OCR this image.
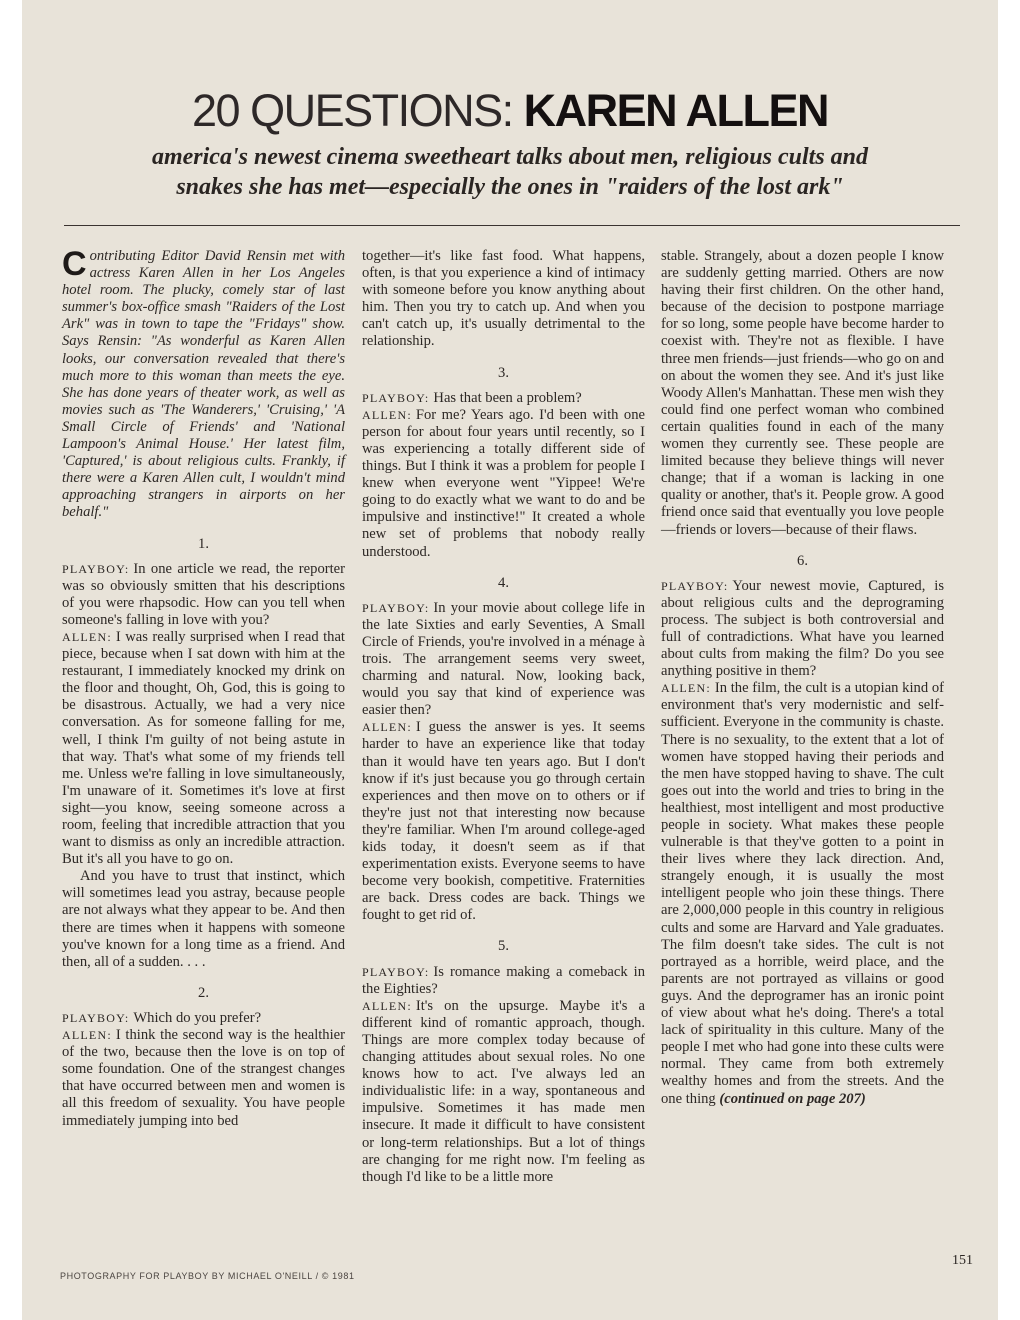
20 QUESTIONS: KAREN ALLEN
america's newest cinema sweetheart talks about men, religious cults and
snakes she has met—especially the ones in "raiders of the lost ark"

Contributing Editor David Rensin met with actress Karen Allen in her Los Angeles hotel room. The plucky, comely star of last summer's box-office smash "Raiders of the Lost Ark" was in town to tape the "Fridays" show. Says Rensin: "As wonderful as Karen Allen looks, our conversation revealed that there's much more to this woman than meets the eye. She has done years of theater work, as well as movies such as 'The Wanderers,' 'Cruising,' 'A Small Circle of Friends' and 'National Lampoon's Animal House.' Her latest film, 'Captured,' is about religious cults. Frankly, if there were a Karen Allen cult, I wouldn't mind approaching strangers in airports on her behalf."

1.

PLAYBOY: In one article we read, the reporter was so obviously smitten that his descriptions of you were rhapsodic. How can you tell when someone's falling in love with you?

ALLEN: I was really surprised when I read that piece, because when I sat down with him at the restaurant, I immediately knocked my drink on the floor and thought, Oh, God, this is going to be disastrous. Actually, we had a very nice conversation. As for someone falling for me, well, I think I'm guilty of not being astute in that way. That's what some of my friends tell me. Unless we're falling in love simultaneously, I'm unaware of it. Sometimes it's love at first sight—you know, seeing someone across a room, feeling that incredible attraction that you want to dismiss as only an incredible attraction. But it's all you have to go on.

And you have to trust that instinct, which will sometimes lead you astray, because people are not always what they appear to be. And then there are times when it happens with someone you've known for a long time as a friend. And then, all of a sudden. . . .

2.

PLAYBOY: Which do you prefer?

ALLEN: I think the second way is the healthier of the two, because then the love is on top of some foundation. One of the strangest changes that have occurred between men and women is all this freedom of sexuality. You have people immediately jumping into bed

together—it's like fast food. What happens, often, is that you experience a kind of intimacy with someone before you know anything about him. Then you try to catch up. And when you can't catch up, it's usually detrimental to the relationship.

3.

PLAYBOY: Has that been a problem?

ALLEN: For me? Years ago. I'd been with one person for about four years until recently, so I was experiencing a totally different side of things. But I think it was a problem for people I knew when everyone went "Yippee! We're going to do exactly what we want to do and be impulsive and instinctive!" It created a whole new set of problems that nobody really understood.

4.

PLAYBOY: In your movie about college life in the late Sixties and early Seventies, A Small Circle of Friends, you're involved in a ménage à trois. The arrangement seems very sweet, charming and natural. Now, looking back, would you say that kind of experience was easier then?

ALLEN: I guess the answer is yes. It seems harder to have an experience like that today than it would have ten years ago. But I don't know if it's just because you go through certain experiences and then move on to others or if they're just not that interesting now because they're familiar. When I'm around college-aged kids today, it doesn't seem as if that experimentation exists. Everyone seems to have become very bookish, competitive. Fraternities are back. Dress codes are back. Things we fought to get rid of.

5.

PLAYBOY: Is romance making a comeback in the Eighties?

ALLEN: It's on the upsurge. Maybe it's a different kind of romantic approach, though. Things are more complex today because of changing attitudes about sexual roles. No one knows how to act. I've always led an individualistic life: in a way, spontaneous and impulsive. Sometimes it has made men insecure. It made it difficult to have consistent or long-term relationships. But a lot of things are changing for me right now. I'm feeling as though I'd like to be a little more

stable. Strangely, about a dozen people I know are suddenly getting married. Others are now having their first children. On the other hand, because of the decision to postpone marriage for so long, some people have become harder to coexist with. They're not as flexible. I have three men friends—just friends—who go on and on about the women they see. And it's just like Woody Allen's Manhattan. These men wish they could find one perfect woman who combined certain qualities found in each of the many women they currently see. These people are limited because they believe things will never change; that if a woman is lacking in one quality or another, that's it. People grow. A good friend once said that eventually you love people—friends or lovers—because of their flaws.

6.

PLAYBOY: Your newest movie, Captured, is about religious cults and the deprograming process. The subject is both controversial and full of contradictions. What have you learned about cults from making the film? Do you see anything positive in them?

ALLEN: In the film, the cult is a utopian kind of environment that's very modernistic and self-sufficient. Everyone in the community is chaste. There is no sexuality, to the extent that a lot of women have stopped having their periods and the men have stopped having to shave. The cult goes out into the world and tries to bring in the healthiest, most intelligent and most productive people in society. What makes these people vulnerable is that they've gotten to a point in their lives where they lack direction. And, strangely enough, it is usually the most intelligent people who join these things. There are 2,000,000 people in this country in religious cults and some are Harvard and Yale graduates. The film doesn't take sides. The cult is not portrayed as a horrible, weird place, and the parents are not portrayed as villains or good guys. And the deprogramer has an ironic point of view about what he's doing. There's a total lack of spirituality in this culture. Many of the people I met who had gone into these cults were normal. They came from both extremely wealthy homes and from the streets. And the one thing (continued on page 207)

PHOTOGRAPHY FOR PLAYBOY BY MICHAEL O'NEILL / © 1981
151
